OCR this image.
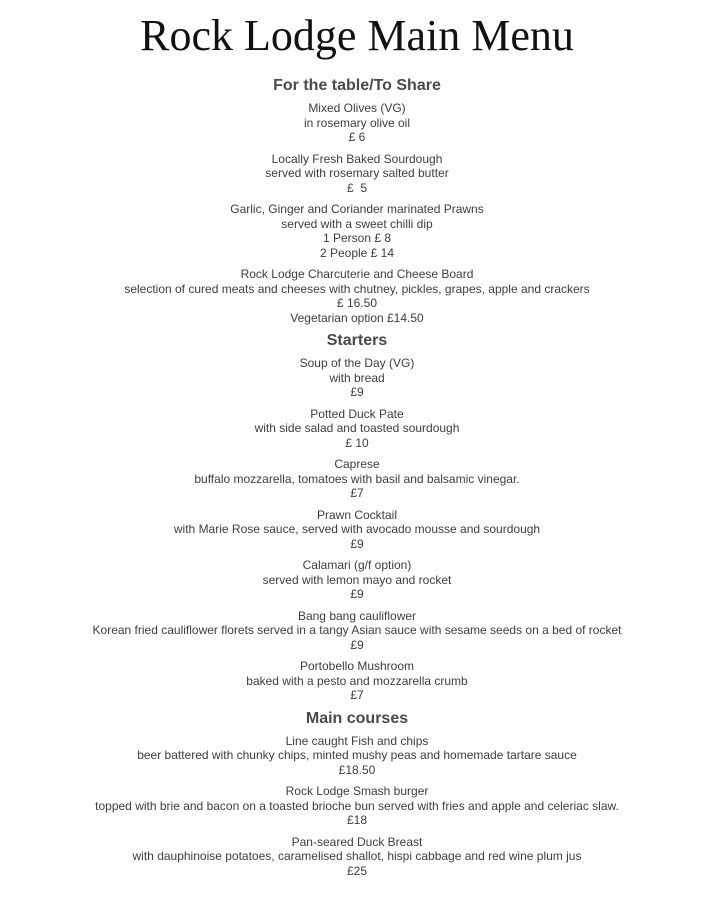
Rock Lodge Main Menu
For the table/To Share
Mixed Olives (VG)
in rosemary olive oil
£ 6
Locally Fresh Baked Sourdough
served with rosemary salted butter
£  5
Garlic, Ginger and Coriander marinated Prawns
served with a sweet chilli dip
1 Person £ 8
2 People £ 14
Rock Lodge Charcuterie and Cheese Board
selection of cured meats and cheeses with chutney, pickles, grapes, apple and crackers
£ 16.50
Vegetarian option £14.50
Starters
Soup of the Day (VG)
with bread
£9
Potted Duck Pate
with side salad and toasted sourdough
£ 10
Caprese
buffalo mozzarella, tomatoes with basil and balsamic vinegar.
£7
Prawn Cocktail
with Marie Rose sauce, served with avocado mousse and sourdough
£9
Calamari (g/f option)
served with lemon mayo and rocket
£9
Bang bang cauliflower
Korean fried cauliflower florets served in a tangy Asian sauce with sesame seeds on a bed of rocket
£9
Portobello Mushroom
baked with a pesto and mozzarella crumb
£7
Main courses
Line caught Fish and chips
beer battered with chunky chips, minted mushy peas and homemade tartare sauce
£18.50
Rock Lodge Smash burger
topped with brie and bacon on a toasted brioche bun served with fries and apple and celeriac slaw.
£18
Pan-seared Duck Breast
with dauphinoise potatoes, caramelised shallot, hispi cabbage and red wine plum jus
£25
